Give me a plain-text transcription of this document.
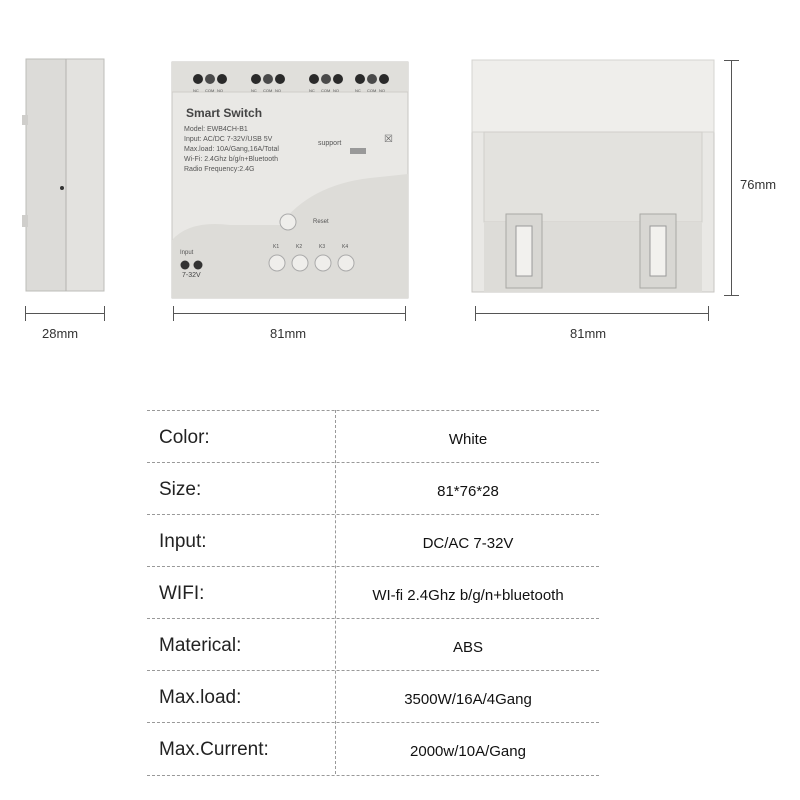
Smart Switch
Model: EWB4CH-B1
Input: AC/DC 7-32V/USB 5V
Max.load: 10A/Gang,16A/Total
Wi-Fi: 2.4Ghz b/g/n+Bluetooth
Radio Frequency:2.4G
support	☒
Reset
Input
7-32V
NC COM NO	NC COM NO	NC COM NO	NC COM NO
K1	K2	K3	K4
28mm	81mm	81mm
76mm
Color:	White
Size:	81*76*28
Input:	DC/AC 7-32V
WIFI:	WI-fi 2.4Ghz b/g/n+bluetooth
Materical:	ABS
Max.load:	3500W/16A/4Gang
Max.Current:	2000w/10A/Gang
